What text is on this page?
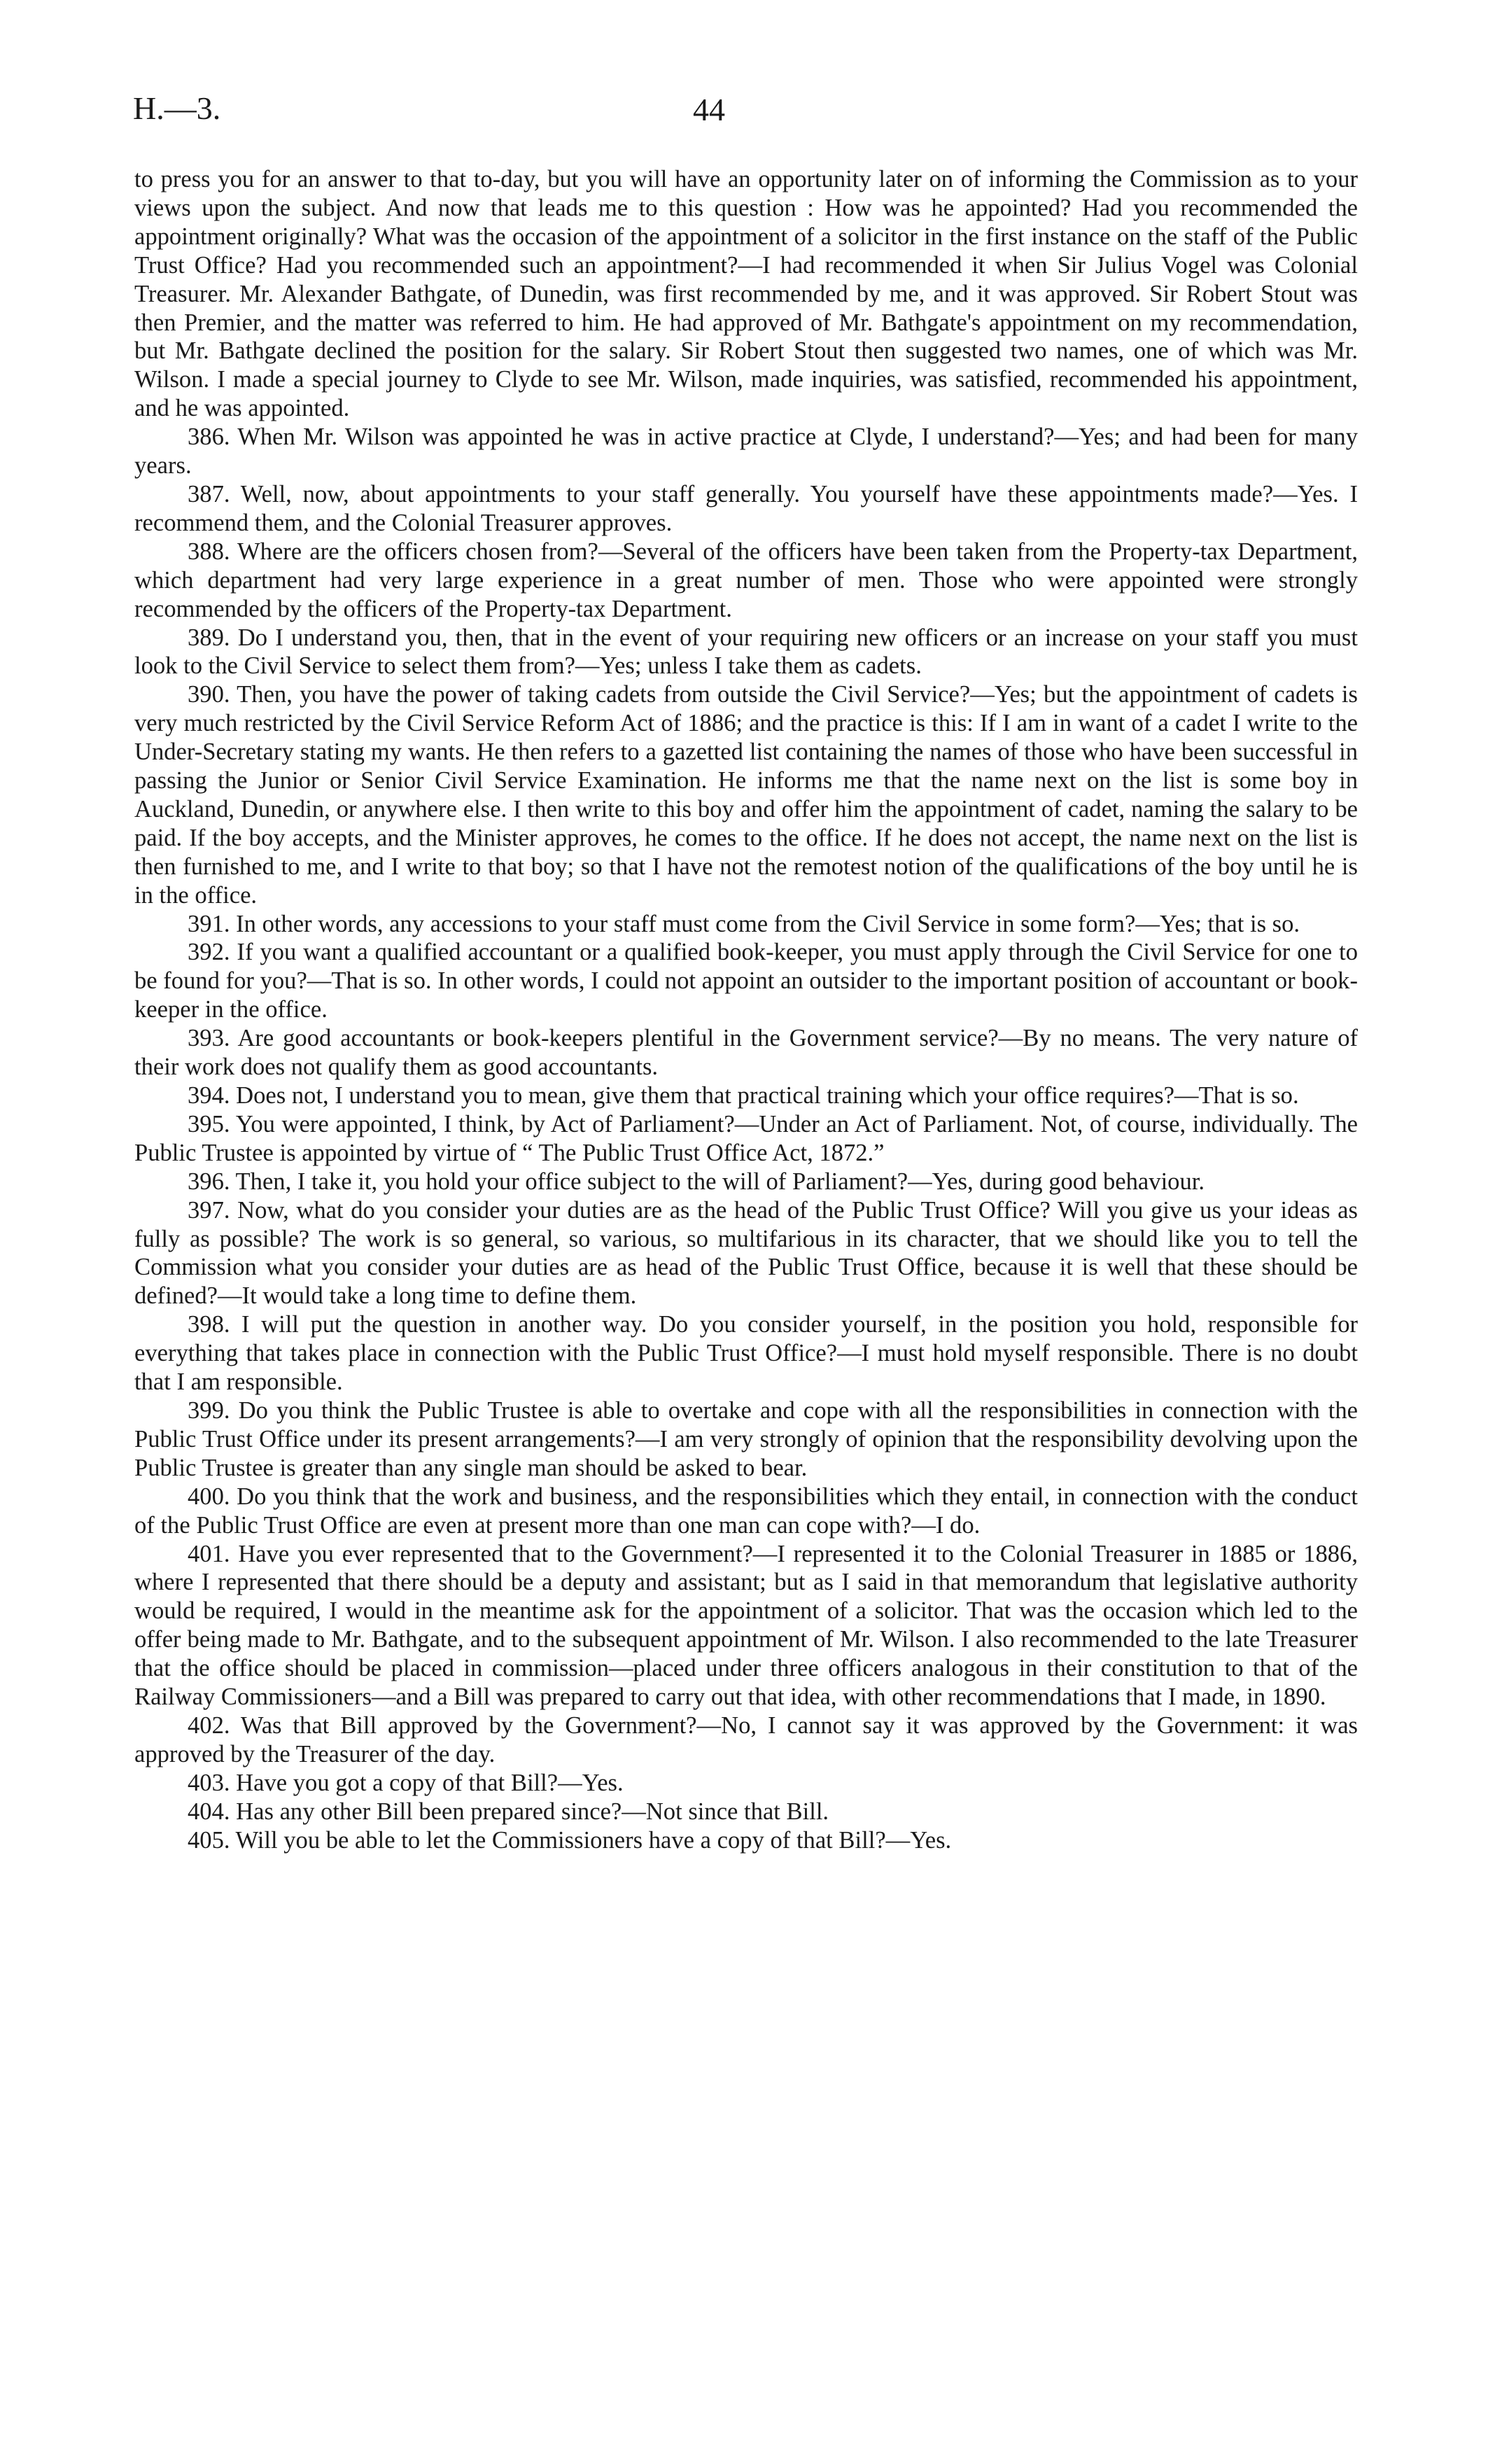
H.—3.	44

to press you for an answer to that to-day, but you will have an opportunity later on of informing the Commission as to your views upon the subject. And now that leads me to this question : How was he appointed? Had you recommended the appointment originally? What was the occasion of the appointment of a solicitor in the first instance on the staff of the Public Trust Office? Had you recommended such an appointment?—I had recommended it when Sir Julius Vogel was Colonial Treasurer. Mr. Alexander Bathgate, of Dunedin, was first recommended by me, and it was approved. Sir Robert Stout was then Premier, and the matter was referred to him. He had approved of Mr. Bathgate's appointment on my recommendation, but Mr. Bathgate declined the position for the salary. Sir Robert Stout then suggested two names, one of which was Mr. Wilson. I made a special journey to Clyde to see Mr. Wilson, made inquiries, was satisfied, recommended his appointment, and he was appointed.

386. When Mr. Wilson was appointed he was in active practice at Clyde, I understand?—Yes; and had been for many years.

387. Well, now, about appointments to your staff generally. You yourself have these appointments made?—Yes. I recommend them, and the Colonial Treasurer approves.

388. Where are the officers chosen from?—Several of the officers have been taken from the Property-tax Department, which department had very large experience in a great number of men. Those who were appointed were strongly recommended by the officers of the Property-tax Department.

389. Do I understand you, then, that in the event of your requiring new officers or an increase on your staff you must look to the Civil Service to select them from?—Yes; unless I take them as cadets.

390. Then, you have the power of taking cadets from outside the Civil Service?—Yes; but the appointment of cadets is very much restricted by the Civil Service Reform Act of 1886; and the practice is this: If I am in want of a cadet I write to the Under-Secretary stating my wants. He then refers to a gazetted list containing the names of those who have been successful in passing the Junior or Senior Civil Service Examination. He informs me that the name next on the list is some boy in Auckland, Dunedin, or anywhere else. I then write to this boy and offer him the appointment of cadet, naming the salary to be paid. If the boy accepts, and the Minister approves, he comes to the office. If he does not accept, the name next on the list is then furnished to me, and I write to that boy; so that I have not the remotest notion of the qualifications of the boy until he is in the office.

391. In other words, any accessions to your staff must come from the Civil Service in some form?—Yes; that is so.

392. If you want a qualified accountant or a qualified book-keeper, you must apply through the Civil Service for one to be found for you?—That is so. In other words, I could not appoint an outsider to the important position of accountant or book-keeper in the office.

393. Are good accountants or book-keepers plentiful in the Government service?—By no means. The very nature of their work does not qualify them as good accountants.

394. Does not, I understand you to mean, give them that practical training which your office requires?—That is so.

395. You were appointed, I think, by Act of Parliament?—Under an Act of Parliament. Not, of course, individually. The Public Trustee is appointed by virtue of “ The Public Trust Office Act, 1872.”

396. Then, I take it, you hold your office subject to the will of Parliament?—Yes, during good behaviour.

397. Now, what do you consider your duties are as the head of the Public Trust Office? Will you give us your ideas as fully as possible? The work is so general, so various, so multifarious in its character, that we should like you to tell the Commission what you consider your duties are as head of the Public Trust Office, because it is well that these should be defined?—It would take a long time to define them.

398. I will put the question in another way. Do you consider yourself, in the position you hold, responsible for everything that takes place in connection with the Public Trust Office?—I must hold myself responsible. There is no doubt that I am responsible.

399. Do you think the Public Trustee is able to overtake and cope with all the responsibilities in connection with the Public Trust Office under its present arrangements?—I am very strongly of opinion that the responsibility devolving upon the Public Trustee is greater than any single man should be asked to bear.

400. Do you think that the work and business, and the responsibilities which they entail, in connection with the conduct of the Public Trust Office are even at present more than one man can cope with?—I do.

401. Have you ever represented that to the Government?—I represented it to the Colonial Treasurer in 1885 or 1886, where I represented that there should be a deputy and assistant; but as I said in that memorandum that legislative authority would be required, I would in the meantime ask for the appointment of a solicitor. That was the occasion which led to the offer being made to Mr. Bathgate, and to the subsequent appointment of Mr. Wilson. I also recommended to the late Treasurer that the office should be placed in commission—placed under three officers analogous in their constitution to that of the Railway Commissioners—and a Bill was prepared to carry out that idea, with other recommendations that I made, in 1890.

402. Was that Bill approved by the Government?—No, I cannot say it was approved by the Government: it was approved by the Treasurer of the day.

403. Have you got a copy of that Bill?—Yes.

404. Has any other Bill been prepared since?—Not since that Bill.

405. Will you be able to let the Commissioners have a copy of that Bill?—Yes.
